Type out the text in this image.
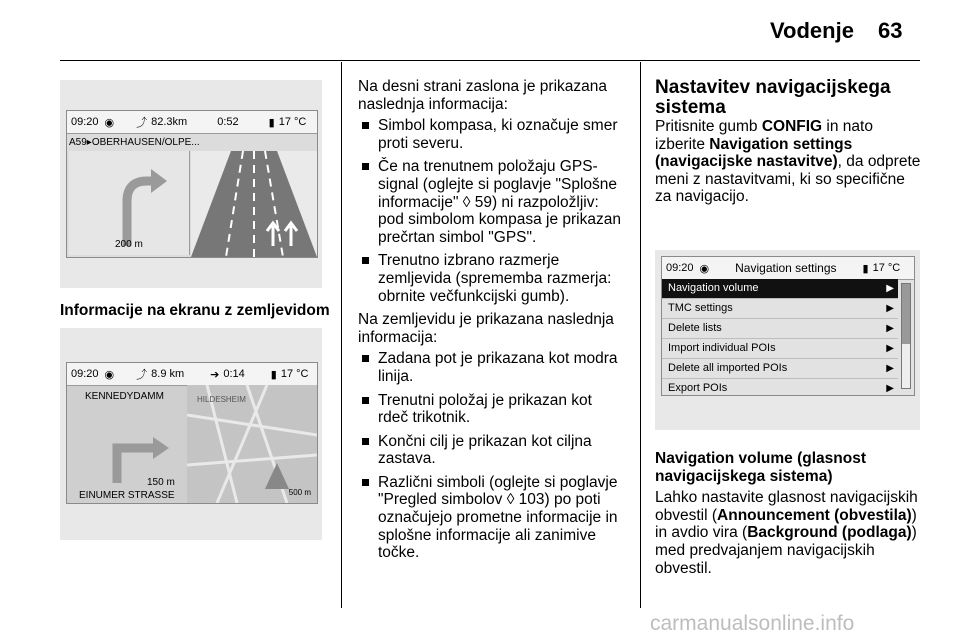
Vodenje 63
09:20 ◉ ⤴ 82.3km	0:52	▮ 17 °C
A59▸OBERHAUSEN/OLPE...
200 m
Informacije na ekranu z zemljevidom
09:20 ◉ ⤴ 8.9 km ➔ 0:14 ▮ 17 °C
HILDESHEIM
500 m
KENNEDYDAMM
150 m
EINUMER STRASSE

Na desni strani zaslona je prikazana naslednja informacija:

Simbol kompasa, ki označuje smer proti severu.
Če na trenutnem položaju GPS-signal (oglejte si poglavje "Splošne informacije" ◊ 59) ni razpoložljiv: pod simbolom kompasa je prikazan prečrtan simbol "GPS".
Trenutno izbrano razmerje zemljevida (sprememba razmerja: obrnite večfunkcijski gumb).

Na zemljevidu je prikazana naslednja informacija:

Zadana pot je prikazana kot modra linija.
Trenutni položaj je prikazan kot rdeč trikotnik.
Končni cilj je prikazan kot ciljna zastava.
Različni simboli (oglejte si poglavje "Pregled simbolov ◊ 103) po poti označujejo prometne informacije in splošne informacije ali zanimive točke.

Nastavitev navigacijskega sistema

Pritisnite gumb CONFIG in nato izberite Navigation settings (navigacijske nastavitve), da odprete meni z nastavitvami, ki so specifične za navigacijo.

09:20 ◉ Navigation settings ▮ 17 °C
Navigation volume	▶
TMC settings	▶
Delete lists	▶
Import individual POIs	▶
Delete all imported POIs	▶
Export POIs	▶

Navigation volume (glasnost navigacijskega sistema)

Lahko nastavite glasnost navigacijskih obvestil (Announcement (obvestila)) in avdio vira (Background (podlaga)) med predvajanjem navigacijskih obvestil.

carmanualsonline.info
